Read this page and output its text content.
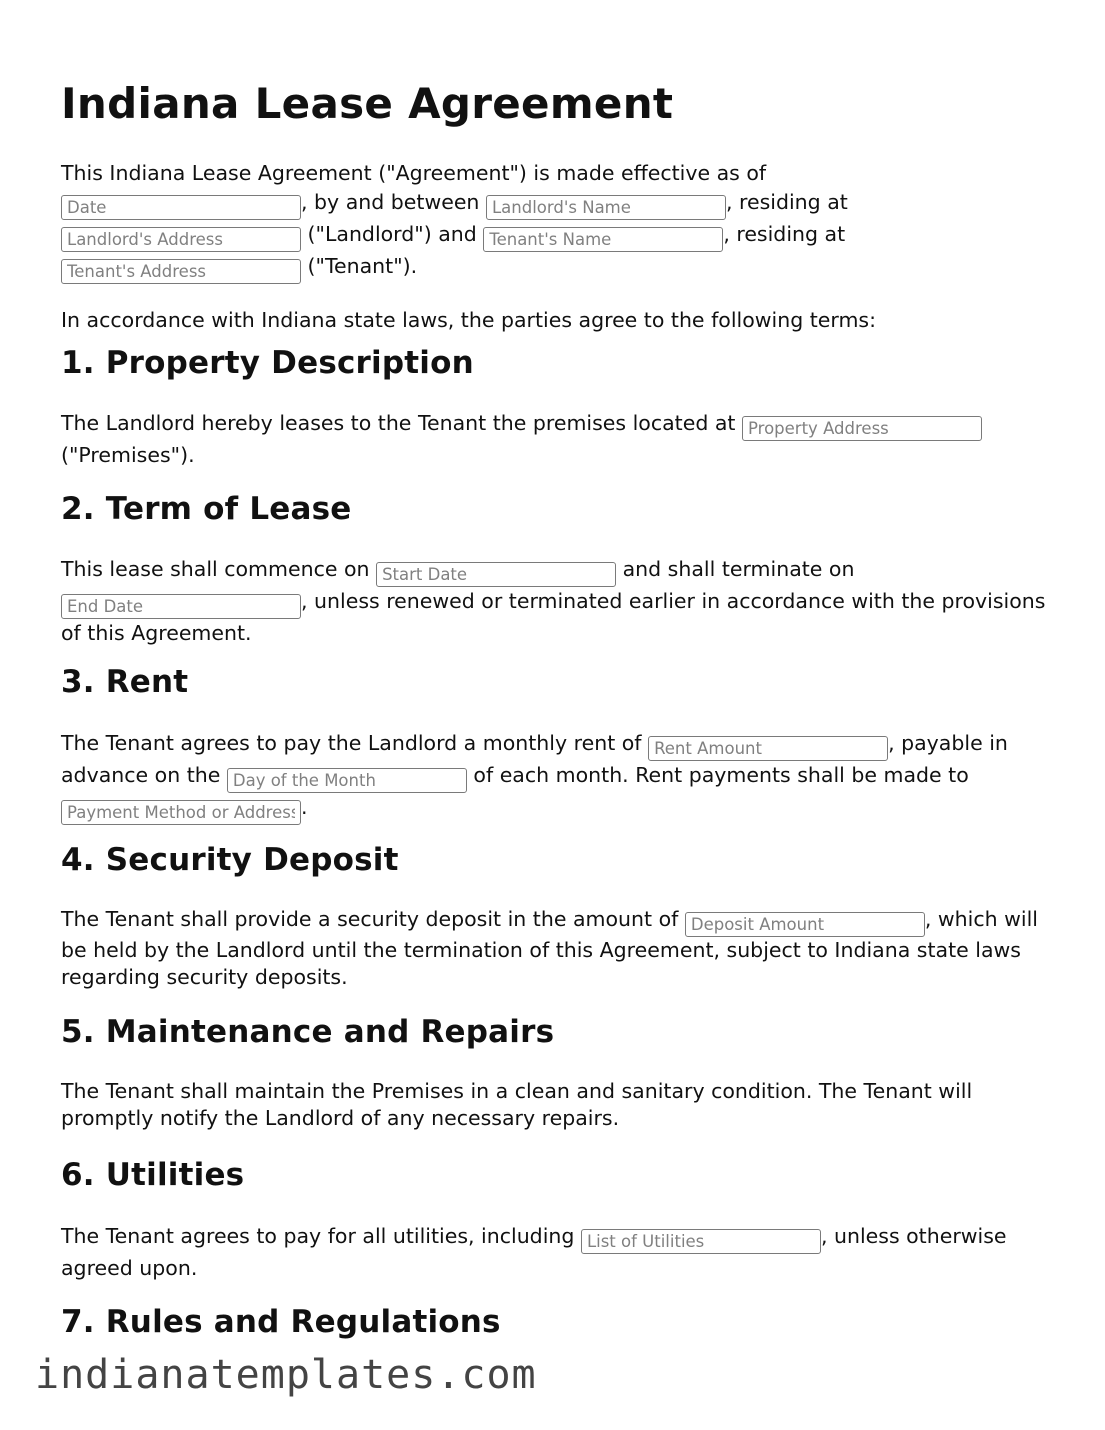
Indiana Lease Agreement

This Indiana Lease Agreement ("Agreement") is made effective as of
Date, by and between Landlord's Name	, residing at
Landlord's Address ("Landlord") and Tenant's Name	, residing at
Tenant's Address ("Tenant").

In accordance with Indiana state laws, the parties agree to the following terms:

1. Property Description

The Landlord hereby leases to the Tenant the premises located at Property Address
("Premises").

2. Term of Lease

This lease shall commence on Start Date	and shall terminate on
End Date, unless renewed or terminated earlier in accordance with the provisions of this Agreement.

3. Rent

The Tenant agrees to pay the Landlord a monthly rent of Rent Amount	, payable in advance on the Day of the Month	of each month. Rent payments shall be made to
Payment Method or Address.

4. Security Deposit

The Tenant shall provide a security deposit in the amount of Deposit Amount	, which will be held by the Landlord until the termination of this Agreement, subject to Indiana state laws regarding security deposits.

5. Maintenance and Repairs

The Tenant shall maintain the Premises in a clean and sanitary condition. The Tenant will promptly notify the Landlord of any necessary repairs.

6. Utilities

The Tenant agrees to pay for all utilities, including List of Utilities	, unless otherwise agreed upon.

7. Rules and Regulations
indianatemplates.com
